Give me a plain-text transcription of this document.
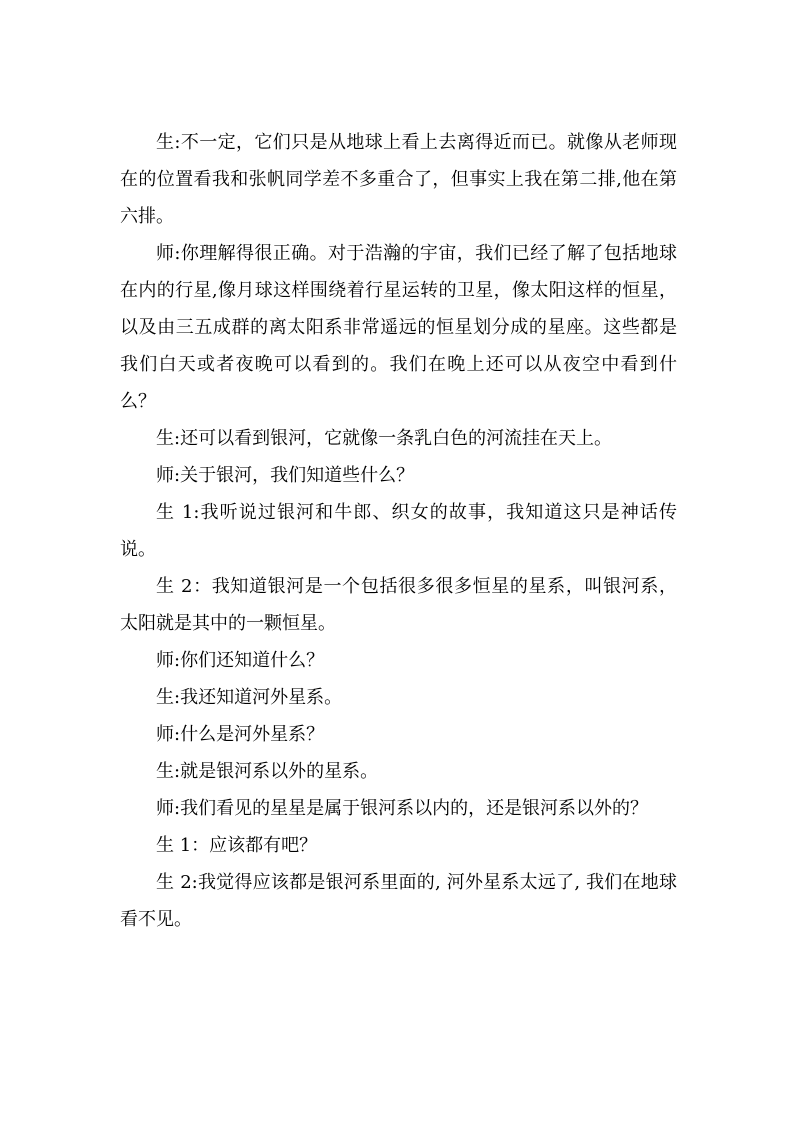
生:不一定，它们只是从地球上看上去离得近而已。就像从老师现在的位置看我和张帆同学差不多重合了，但事实上我在第二排,他在第六排。

师:你理解得很正确。对于浩瀚的宇宙，我们已经了解了包括地球在内的行星,像月球这样围绕着行星运转的卫星，像太阳这样的恒星，以及由三五成群的离太阳系非常遥远的恒星划分成的星座。这些都是我们白天或者夜晚可以看到的。我们在晚上还可以从夜空中看到什么？

生:还可以看到银河，它就像一条乳白色的河流挂在天上。

师:关于银河，我们知道些什么？

生 1:我听说过银河和牛郎、织女的故事，我知道这只是神话传说。

生 2：我知道银河是一个包括很多很多恒星的星系，叫银河系，太阳就是其中的一颗恒星。

师:你们还知道什么？

生:我还知道河外星系。

师:什么是河外星系？

生:就是银河系以外的星系。

师:我们看见的星星是属于银河系以内的，还是银河系以外的？

生 1：应该都有吧？

生 2:我觉得应该都是银河系里面的, 河外星系太远了, 我们在地球看不见。
